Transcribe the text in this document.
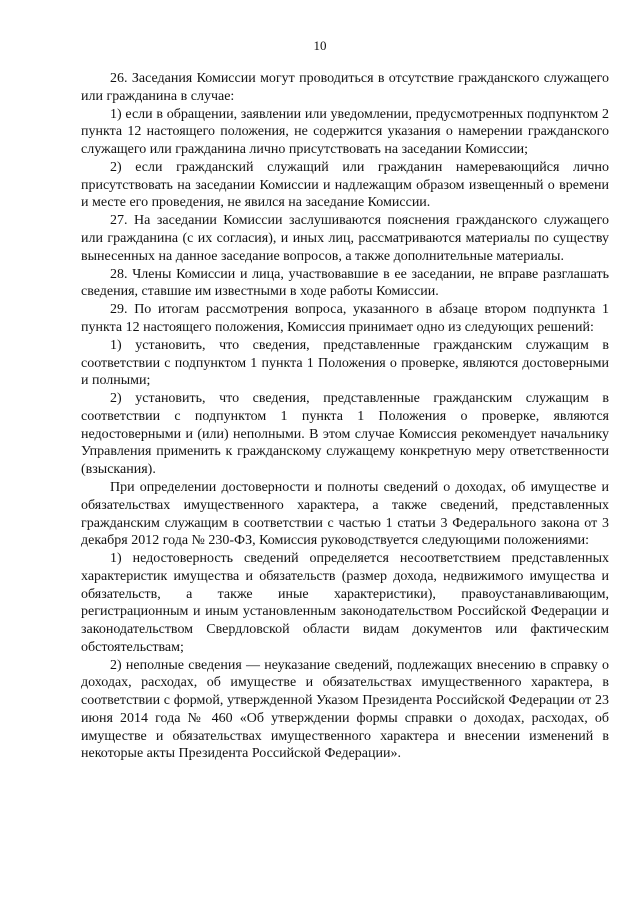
10

26. Заседания Комиссии могут проводиться в отсутствие гражданского служащего или гражданина в случае:

1) если в обращении, заявлении или уведомлении, предусмотренных подпунктом 2 пункта 12 настоящего положения, не содержится указания о намерении гражданского служащего или гражданина лично присутствовать на заседании Комиссии;

2) если гражданский служащий или гражданин намеревающийся лично присутствовать на заседании Комиссии и надлежащим образом извещенный о времени и месте его проведения, не явился на заседание Комиссии.

27. На заседании Комиссии заслушиваются пояснения гражданского служащего или гражданина (с их согласия), и иных лиц, рассматриваются материалы по существу вынесенных на данное заседание вопросов, а также дополнительные материалы.

28. Члены Комиссии и лица, участвовавшие в ее заседании, не вправе разглашать сведения, ставшие им известными в ходе работы Комиссии.

29. По итогам рассмотрения вопроса, указанного в абзаце втором подпункта 1 пункта 12 настоящего положения, Комиссия принимает одно из следующих решений:

1) установить, что сведения, представленные гражданским служащим в соответствии с подпунктом 1 пункта 1 Положения о проверке, являются достоверными и полными;

2) установить, что сведения, представленные гражданским служащим в соответствии с подпунктом 1 пункта 1 Положения о проверке, являются недостоверными и (или) неполными. В этом случае Комиссия рекомендует начальнику Управления применить к гражданскому служащему конкретную меру ответственности (взыскания).

При определении достоверности и полноты сведений о доходах, об имуществе и обязательствах имущественного характера, а также сведений, представленных гражданским служащим в соответствии с частью 1 статьи 3 Федерального закона от 3 декабря 2012 года № 230-ФЗ, Комиссия руководствуется следующими положениями:

1) недостоверность сведений определяется несоответствием представленных характеристик имущества и обязательств (размер дохода, недвижимого имущества и обязательств, а также иные характеристики), правоустанавливающим, регистрационным и иным установленным законодательством Российской Федерации и законодательством Свердловской области видам документов или фактическим обстоятельствам;

2) неполные сведения — неуказание сведений, подлежащих внесению в справку о доходах, расходах, об имуществе и обязательствах имущественного характера, в соответствии с формой, утвержденной Указом Президента Российской Федерации от 23 июня 2014 года № 460 «Об утверждении формы справки о доходах, расходах, об имуществе и обязательствах имущественного характера и внесении изменений в некоторые акты Президента Российской Федерации».
